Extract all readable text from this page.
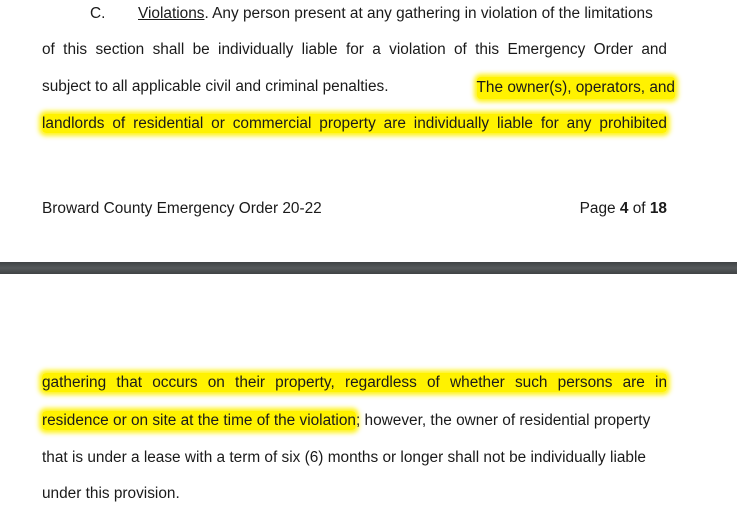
C. Violations. Any person present at any gathering in violation of the limitations
of this section shall be individually liable for a violation of this Emergency Order and
subject to all applicable civil and criminal penalties.	The owner(s), operators, and
landlords of residential or commercial property are individually liable for any prohibited
Broward County Emergency Order 20-22	Page 4 of 18
gathering that occurs on their property, regardless of whether such persons are in
residence or on site at the time of the violation; however, the owner of residential property
that is under a lease with a term of six (6) months or longer shall not be individually liable
under this provision.
